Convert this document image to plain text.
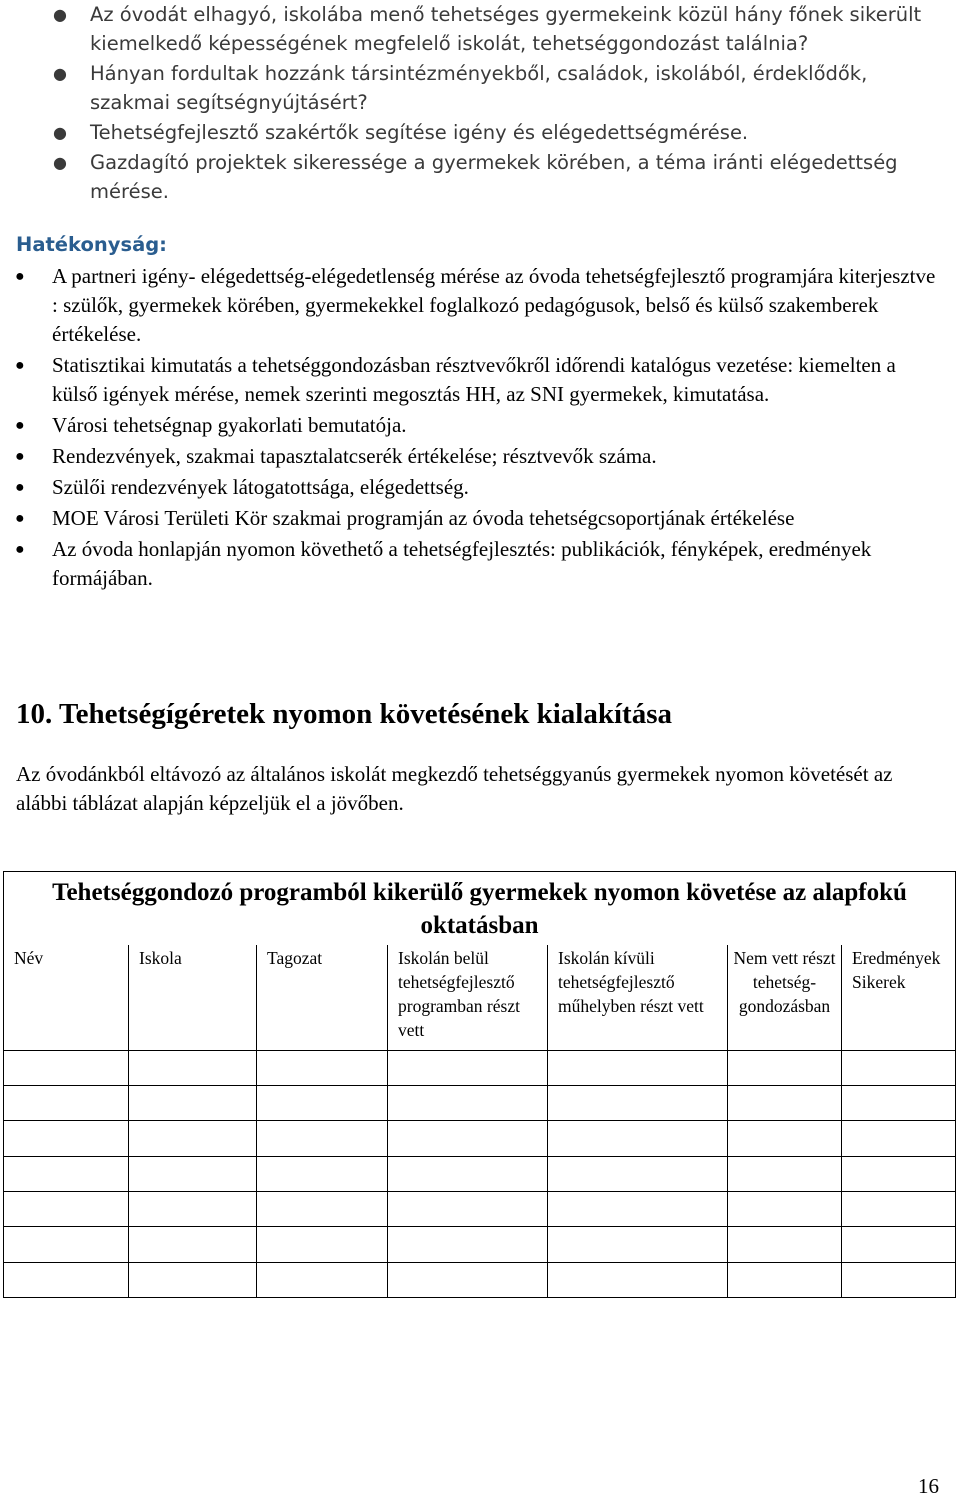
● Az óvodát elhagyó, iskolába menő tehetséges gyermekeink közül hány főnek sikerült kiemelkedő képességének megfelelő iskolát, tehetséggondozást találnia?
● Hányan fordultak hozzánk társintézményekből, családok, iskolából, érdeklődők, szakmai segítségnyújtásért?
● Tehetségfejlesztő szakértők segítése igény és elégedettségmérése.
● Gazdagító projektek sikeressége a gyermekek körében, a téma iránti elégedettség mérése.
Hatékonyság:
● A partneri igény- elégedettség-elégedetlenség mérése az óvoda tehetségfejlesztő programjára kiterjesztve : szülők, gyermekek körében, gyermekekkel foglalkozó pedagógusok, belső és külső szakemberek értékelése.
● Statisztikai kimutatás a tehetséggondozásban résztvevőkről időrendi katalógus vezetése: kiemelten a külső igények mérése, nemek szerinti megosztás HH, az SNI gyermekek, kimutatása.
● Városi tehetségnap gyakorlati bemutatója.
● Rendezvények, szakmai tapasztalatcserék értékelése; résztvevők száma.
● Szülői rendezvények látogatottsága, elégedettség.
● MOE Városi Területi Kör szakmai programján az óvoda tehetségcsoportjának értékelése
● Az óvoda honlapján nyomon követhető a tehetségfejlesztés: publikációk, fényképek, eredmények formájában.
10. Tehetségígéretek nyomon követésének kialakítása

Az óvodánkból eltávozó az általános iskolát megkezdő tehetséggyanús gyermekek nyomon követését az alábbi táblázat alapján képzeljük el a jövőben.

Tehetséggondozó programból kikerülő gyermekek nyomon követése az alapfokú oktatásban						
Név	Iskola	Tagozat	Iskolán belül tehetségfejlesztő programban részt vett	Iskolán kívüli tehetségfejlesztő műhelyben részt vett	Nem vett részt tehetség-gondozásban	Eredmények Sikerek

16
